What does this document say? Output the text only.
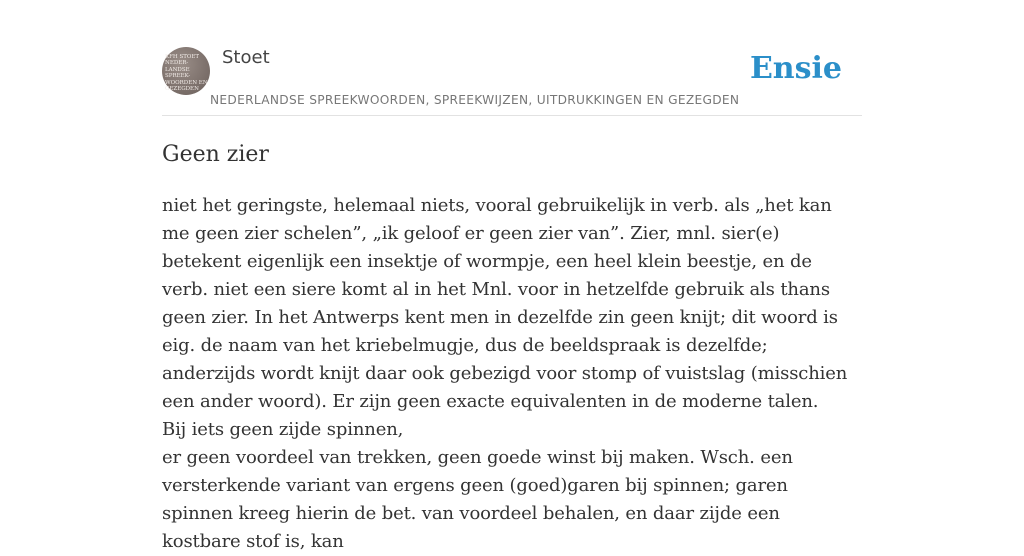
KFH STOET
NEDER-
LANDSE
SPREEK-
WOORDEN EN
GEZEGDEN
Stoet
NEDERLANDSE SPREEKWOORDEN, SPREEKWIJZEN, UITDRUKKINGEN EN GEZEGDEN
Ensie
Geen zier

niet het geringste, helemaal niets, vooral gebruikelijk in verb. als „het kan me geen zier schelen”, „ik geloof er geen zier van”. Zier, mnl. sier(e) betekent eigenlijk een insektje of wormpje, een heel klein beestje, en de verb. niet een siere komt al in het Mnl. voor in hetzelfde gebruik als thans geen zier. In het Antwerps kent men in dezelfde zin geen knijt; dit woord is eig. de naam van het kriebelmugje, dus de beeldspraak is dezelfde; anderzijds wordt knijt daar ook gebezigd voor stomp of vuistslag (misschien een ander woord). Er zijn geen exacte equivalenten in de moderne talen.

Bij iets geen zijde spinnen,

er geen voordeel van trekken, geen goede winst bij maken. Wsch. een versterkende variant van ergens geen (goed)garen bij spinnen; garen spinnen kreeg hierin de bet. van voordeel behalen, en daar zijde een kostbare stof is, kan
